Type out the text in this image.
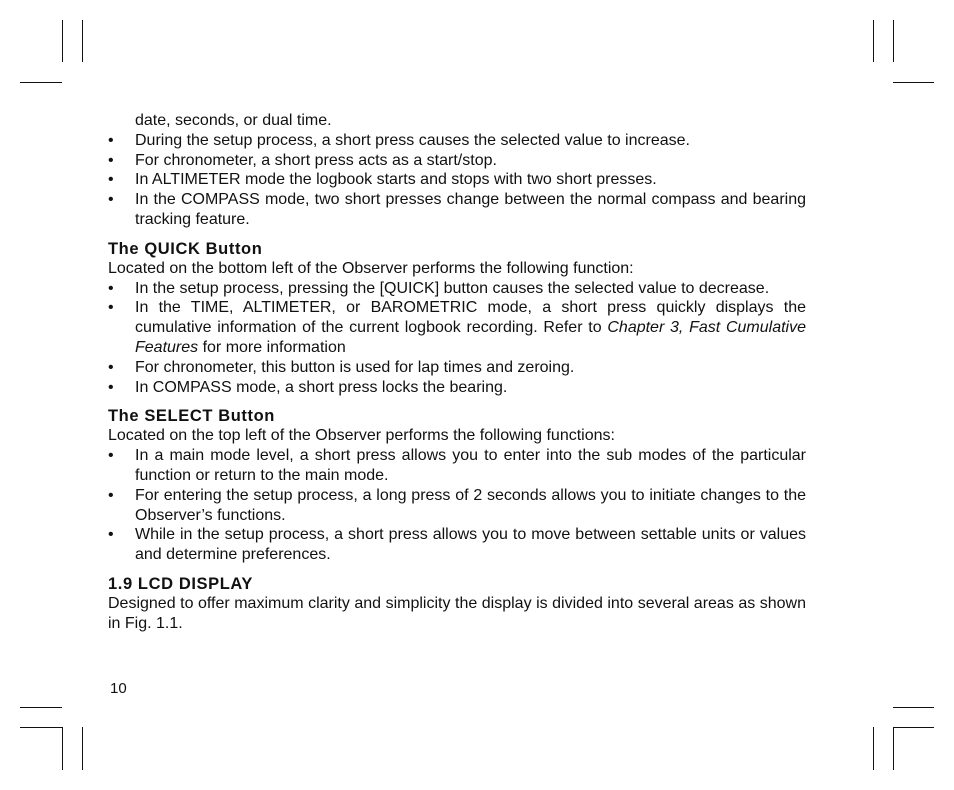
date, seconds, or dual time.
•	During the setup process, a short press causes the selected value to increase.
•	For chronometer, a short press acts as a start/stop.
•	In ALTIMETER mode the logbook starts and stops with two short presses.
•	In the COMPASS mode, two short presses change between the normal compass and bearing tracking feature.
The QUICK Button
Located on the bottom left of the Observer performs the following function:
•	In the setup process, pressing the [QUICK] button causes the selected value to decrease.
•	In the TIME, ALTIMETER, or BAROMETRIC mode, a short press quickly displays the cumulative information of the current logbook recording. Refer to Chapter 3, Fast Cumulative Features for more information
•	For chronometer, this button is used for lap times and zeroing.
•	In COMPASS mode, a short press locks the bearing.
The SELECT Button
Located on the top left of the Observer performs the following functions:
•	In a main mode level, a short press allows you to enter into the sub modes of the particular function or return to the main mode.
•	For entering the setup process, a long press of 2 seconds allows you to initiate changes to the Observer’s functions.
•	While in the setup process, a short press allows you to move between settable units or values and determine preferences.
1.9 LCD DISPLAY
Designed to offer maximum clarity and simplicity the display is divided into several areas as shown in Fig. 1.1.
10
